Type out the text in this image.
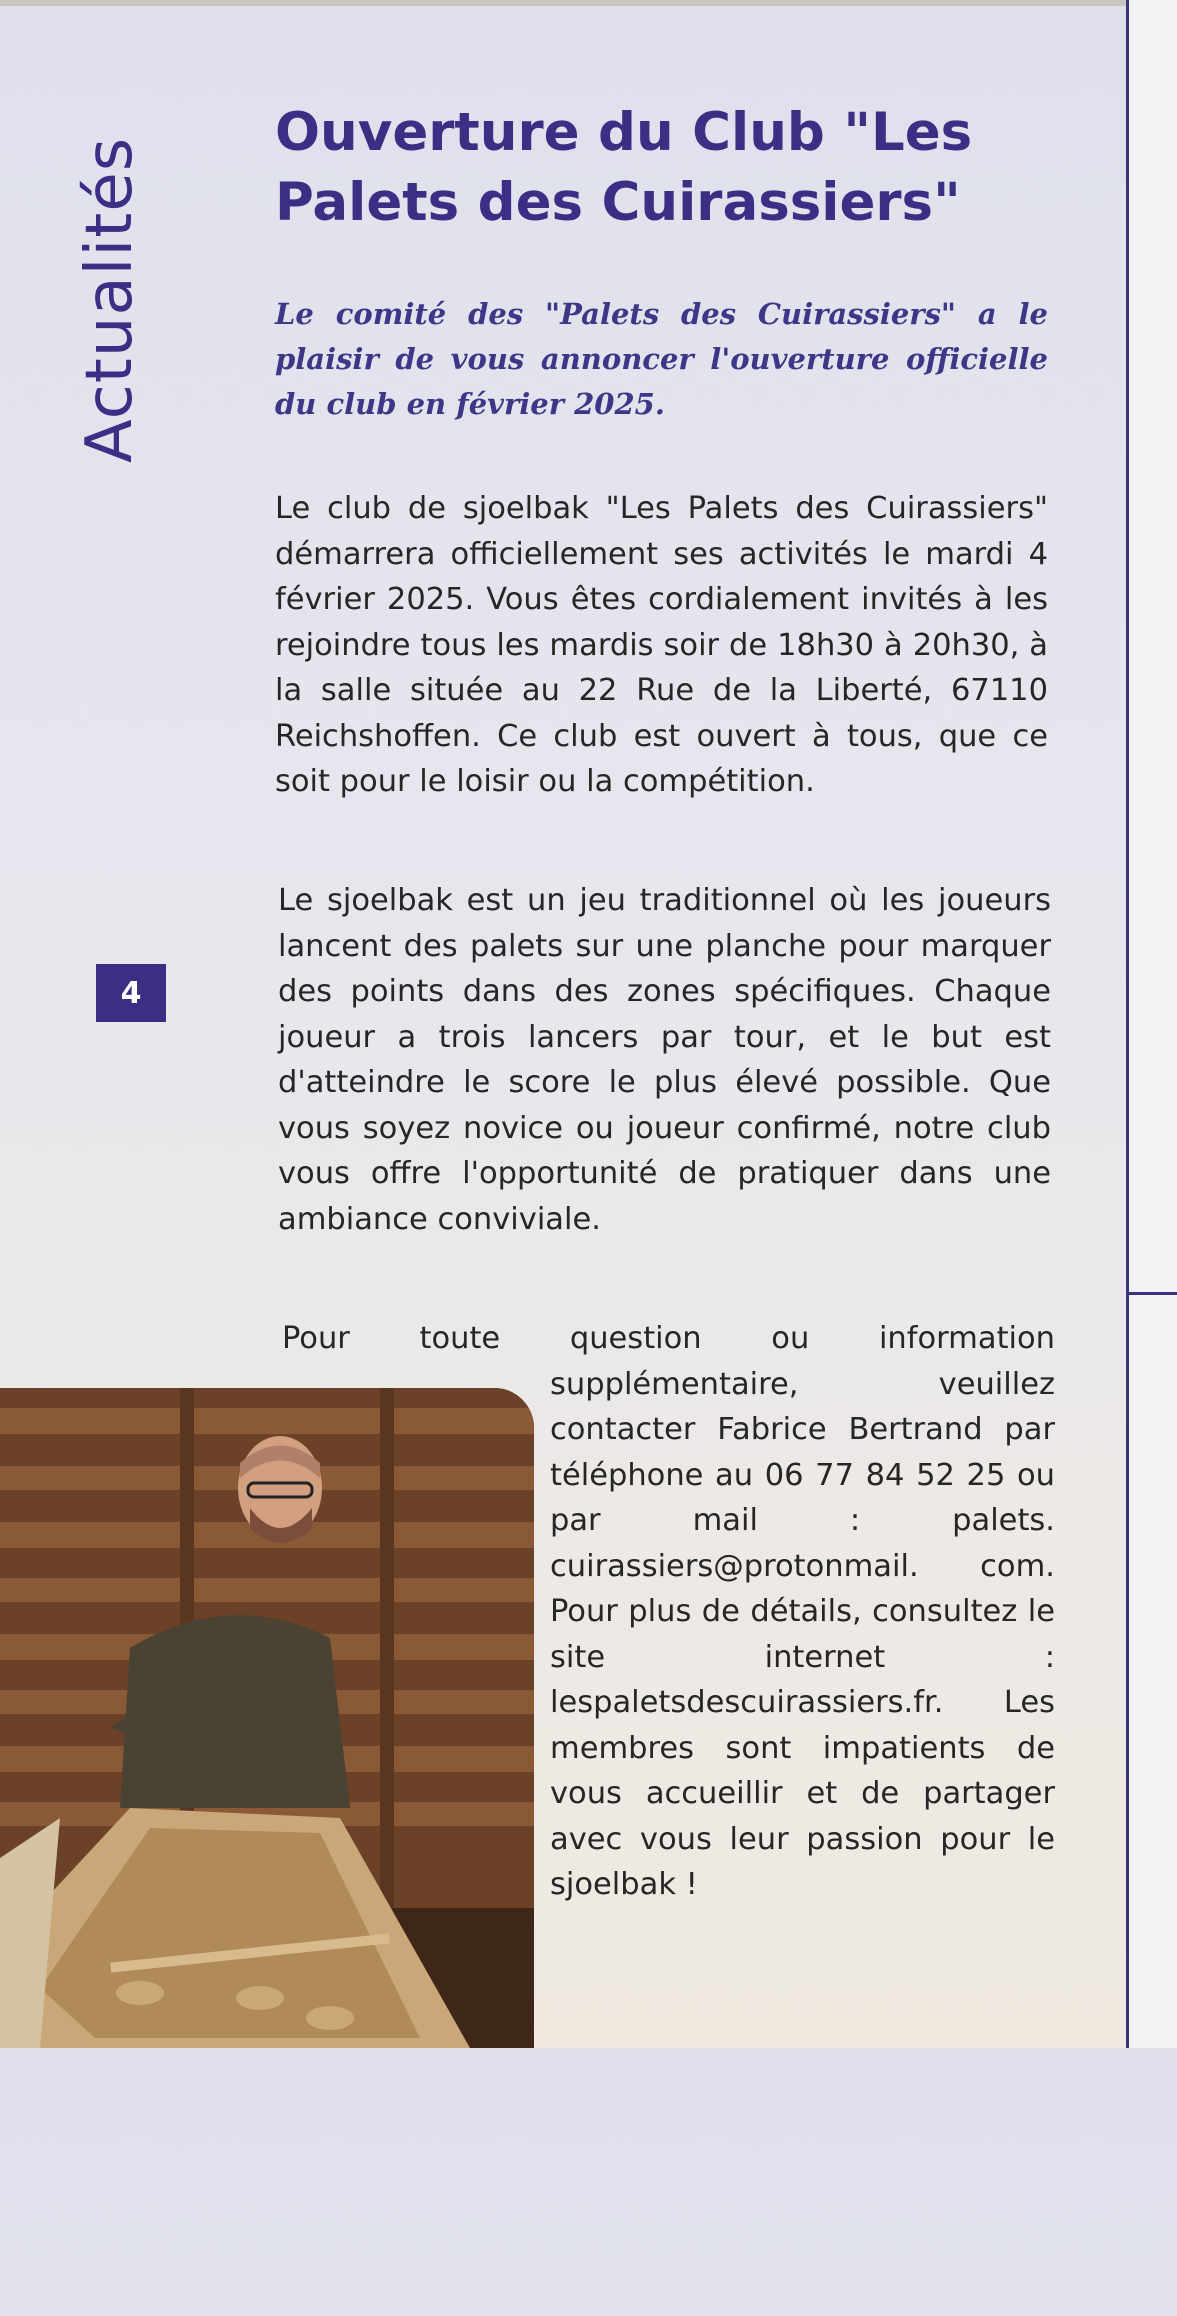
Actualités
4
Ouverture du Club "Les Palets des Cuirassiers"

Le comité des "Palets des Cuirassiers" a le plaisir de vous annoncer l'ouverture officielle du club en février 2025.

Le club de sjoelbak "Les Palets des Cuirassiers" démarrera officiellement ses activités le mardi 4 février 2025. Vous êtes cordialement invités à les rejoindre tous les mardis soir de 18h30 à 20h30, à la salle située au 22 Rue de la Liberté, 67110 Reichshoffen. Ce club est ouvert à tous, que ce soit pour le loisir ou la compétition.

Le sjoelbak est un jeu traditionnel où les joueurs lancent des palets sur une planche pour marquer des points dans des zones spécifiques. Chaque joueur a trois lancers par tour, et le but est d'atteindre le score le plus élevé possible. Que vous soyez novice ou joueur confirmé, notre club vous offre l'opportunité de pratiquer dans une ambiance conviviale.

Pour toute question ou information supplémentaire, veuillez contacter Fabrice Bertrand par téléphone au 06 77 84 52 25 ou par mail : palets. cuirassiers@protonmail. com. Pour plus de détails, consultez le site internet : lespaletsdescuirassiers.fr. Les membres sont impatients de vous accueillir et de partager avec vous leur passion pour le sjoelbak !
